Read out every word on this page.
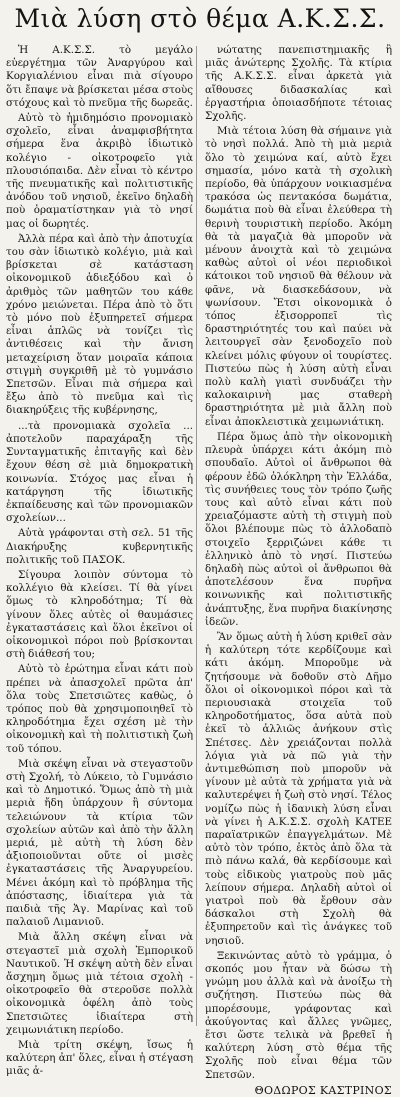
Μιὰ λύση στὸ θέμα Α.Κ.Σ.Σ.

Ἡ Α.Κ.Σ.Σ. τὸ μεγάλο εὐεργέτημα τῶν Ἀναργύρου καὶ Κοργιαλένιου εἶναι πιὰ σίγουρο ὅτι ἔπαψε νὰ βρίσκεται μέσα στοὺς στόχους καὶ τὸ πνεῦμα τῆς δωρεᾶς.

Αὐτὸ τὸ ἡμιδημόσιο προνομιακὸ σχολεῖο, εἶναι ἀναμφισβήτητα σήμερα ἕνα ἀκριβὸ ἰδιωτικὸ κολέγιο - οἰκοτροφεῖο γιὰ πλουσιόπαιδα. Δὲν εἶναι τὸ κέντρο τῆς πνευματικῆς καὶ πολιτιστικῆς ἀνόδου τοῦ νησιοῦ, ἐκεῖνο δηλαδὴ ποὺ ὁραματίστηκαν γιὰ τὸ νησί μας οἱ δωρητές.

Ἀλλὰ πέρα καὶ ἀπὸ τὴν ἀποτυχία του σὰν ἰδιωτικὸ κολέγιο, μιὰ καὶ βρίσκεται σὲ κατάσταση οἰκονομικοῦ ἀδιεξόδου καὶ ὁ ἀριθμὸς τῶν μαθητῶν του κάθε χρόνο μειώνεται. Πέρα ἀπὸ τὸ ὅτι τὸ μόνο ποὺ ἐξυπηρετεῖ σήμερα εἶναι ἁπλῶς νὰ τονίζει τὶς ἀντιθέσεις καὶ τὴν ἄνιση μεταχείριση ὅταν μοιραῖα κάποια στιγμὴ συγκριθῆ μὲ τὸ γυμνάσιο Σπετσῶν. Εἶναι πιὰ σήμερα καὶ ἔξω ἀπὸ τὸ πνεῦμα καὶ τὶς διακηρύξεις τῆς κυβέρνησης,

...τὰ προνομιακὰ σχολεῖα ... ἀποτελοῦν παραχάραξη τῆς Συνταγματικῆς ἐπιταγῆς καὶ δὲν ἔχουν θέση σὲ μιὰ δημοκρατικὴ κοινωνία. Στόχος μας εἶναι ἡ κατάργηση τῆς ἰδιωτικῆς ἐκπαίδευσης καὶ τῶν προνομιακῶν σχολείων...

Αὐτὰ γράφονται στὴ σελ. 51 τῆς Διακήρυξης κυβερνητικῆς πολιτικῆς τοῦ ΠΑΣΟΚ.

Σίγουρα λοιπὸν σύντομα τὸ κολλέγιο θὰ κλείσει. Τί θὰ γίνει ὅμως τὸ κληροδότημα; Τί θὰ γίνουν ὅλες αὐτὲς οἱ θαυμάσιες ἐγκαταστάσεις καὶ ὅλοι ἐκεῖνοι οἱ οἰκονομικοὶ πόροι ποὺ βρίσκονται στὴ διάθεσή του;

Αὐτὸ τὸ ἐρώτημα εἶναι κάτι ποὺ πρέπει νὰ ἀπασχολεῖ πρῶτα ἀπ' ὅλα τοὺς Σπετσιῶτες καθὼς, ὁ τρόπος ποὺ θὰ χρησιμοποιηθεῖ τὸ κληροδότημα ἔχει σχέση μὲ τὴν οἰκονομικὴ καὶ τὴ πολιτιστικὴ ζωὴ τοῦ τόπου.

Μιὰ σκέψη εἶναι νὰ στεγαστοῦν στὴ Σχολή, τὸ Λύκειο, τὸ Γυμνάσιο καὶ τὸ Δημοτικό. Ὅμως ἀπὸ τὴ μιὰ μεριὰ ἤδη ὑπάρχουν ἢ σύντομα τελειώνουν τὰ κτίρια τῶν σχολείων αὐτῶν καὶ ἀπὸ τὴν ἄλλη μεριά, μὲ αὐτὴ τὴ λύση δὲν ἀξιοποιοῦνται οὔτε οἱ μισὲς ἐγκαταστάσεις τῆς Ἀναργυρείου. Μένει ἀκόμη καὶ τὸ πρόβλημα τῆς ἀπόστασης, ἰδιαίτερα γιὰ τὰ παιδιὰ τῆς Ἁγ. Μαρίνας καὶ τοῦ παλαιοῦ Λιμανιοῦ.

Μιὰ ἄλλη σκέψη εἶναι νὰ στεγαστεῖ μιὰ σχολὴ Ἐμπορικοῦ Ναυτικοῦ. Ἡ σκέψη αὐτὴ δὲν εἶναι ἄσχημη ὅμως μιὰ τέτοια σχολὴ - οἰκοτροφεῖο θὰ στεροῦσε πολλὰ οἰκονομικὰ ὀφέλη ἀπὸ τοὺς Σπετσιῶτες ἰδιαίτερα στὴ χειμωνιάτικη περίοδο.

Μιὰ τρίτη σκέψη, ἴσως ἡ καλύτερη ἀπ' ὅλες, εἶναι ἡ στέγαση μιᾶς ἀ-

νώτατης πανεπιστημιακῆς ἢ μιᾶς ἀνώτερης Σχολῆς. Τὰ κτίρια τῆς Α.Κ.Σ.Σ. εἶναι ἀρκετὰ γιὰ αἴθουσες διδασκαλίας καὶ ἐργαστήρια ὁποιασδήποτε τέτοιας Σχολῆς.

Μιὰ τέτοια λύση θὰ σήμαινε γιὰ τὸ νησὶ πολλά. Ἀπὸ τὴ μιὰ μεριὰ ὅλο τὸ χειμώνα καί, αὐτὸ ἔχει σημασία, μόνο κατὰ τὴ σχολικὴ περίοδο, θὰ ὑπάρχουν νοικιασμένα τρακόσα ὡς πεντακόσα δωμάτια, δωμάτια ποὺ θὰ εἶναι ἐλεύθερα τὴ θερινὴ τουριστικὴ περίοδο. Ἀκόμη θὰ τὰ μαγαζιὰ θὰ μποροῦν νὰ μένουν ἀνοιχτὰ καὶ τὸ χειμώνα καθὼς αὐτοὶ οἱ νέοι περιοδικοὶ κάτοικοι τοῦ νησιοῦ θὰ θέλουν νὰ φᾶνε, νὰ διασκεδάσουν, νὰ ψωνίσουν. Ἔτσι οἰκονομικὰ ὁ τόπος ἐξισορροπεῖ τὶς δραστηριότητές του καὶ παύει νὰ λειτουργεῖ σὰν ξενοδοχεῖο ποὺ κλείνει μόλις φύγουν οἱ τουρίστες. Πιστεύω πὼς ἡ λύση αὐτὴ εἶναι πολὺ καλὴ γιατὶ συνδυάζει τὴν καλοκαιρινὴ μας σταθερὴ δραστηριότητα μὲ μιὰ ἄλλη ποὺ εἶναι ἀποκλειστικὰ χειμωνιάτικη.

Πέρα ὅμως ἀπὸ τὴν οἰκονομικὴ πλευρὰ ὑπάρχει κάτι ἀκόμη πιὸ σπουδαῖο. Αὐτοὶ οἱ ἄνθρωποι θὰ φέρουν ἐδῶ ὁλόκληρη τὴν Ἑλλάδα, τὶς συνήθειες τους τὸν τρόπο ζωῆς τους καὶ αὐτὸ εἶναι κάτι ποὺ χρειαζόμαστε αὐτὴ τὴ στιγμὴ ποὺ ὅλοι βλέπουμε πὼς τὸ ἀλλοδαπὸ στοιχεῖο ξερριζώνει κάθε τι ἑλληνικὸ ἀπὸ τὸ νησί. Πιστεύω δηλαδὴ πὼς αὐτοὶ οἱ ἄνθρωποι θὰ ἀποτελέσουν ἕνα πυρῆνα κοινωνικῆς καὶ πολιτιστικῆς ἀνάπτυξης, ἕνα πυρῆνα διακίνησης ἰδεῶν.

Ἂν ὅμως αὐτὴ ἡ λύση κριθεῖ σὰν ἡ καλύτερη τότε κερδίζουμε καὶ κάτι ἀκόμη. Μποροῦμε νὰ ζητήσουμε νὰ δοθοῦν στὸ Δῆμο ὅλοι οἱ οἰκονομικοὶ πόροι καὶ τὰ περιουσιακὰ στοιχεῖα τοῦ κληροδοτήματος, ὅσα αὐτὰ ποὺ ἐκεῖ τὸ ἀλλιῶς ἀνήκουν στὶς Σπέτσες. Δὲν χρειάζονται πολλὰ λόγια γιὰ νὰ πῶ γιὰ τὴν ἀντιμεθώπιση ποὺ μποροῦν νὰ γίνουν μὲ αὐτὰ τὰ χρήματα γιὰ νὰ καλυτερέψει ἡ ζωὴ στὸ νησί. Τέλος νομίζω πὼς ἡ ἰδανικὴ λύση εἶναι νὰ γίνει ἡ Α.Κ.Σ.Σ. σχολὴ ΚΑΤΕΕ παραϊατρικῶν ἐπαγγελμάτων. Μὲ αὐτὸ τὸν τρόπο, ἐκτὸς ἀπὸ ὅλα τὰ πιὸ πάνω καλά, θὰ κερδίσουμε καὶ τοὺς εἰδικοὺς γιατροὺς ποὺ μᾶς λείπουν σήμερα. Δηλαδὴ αὐτοὶ οἱ γιατροὶ ποὺ θὰ ἔρθουν σὰν δάσκαλοι στὴ Σχολὴ θὰ ἐξυπηρετοῦν καὶ τὶς ἀνάγκες τοῦ νησιοῦ.

Ξεκινώντας αὐτὸ τὸ γράμμα, ὁ σκοπός μου ἦταν νὰ δώσω τὴ γνώμη μου ἀλλὰ καὶ νὰ ἀνοίξω τὴ συζήτηση. Πιστεύω πὼς θὰ μπορέσουμε, γράφοντας καὶ ἀκούγοντας καὶ ἄλλες γνῶμες, ἔτσι ὥστε τελικὰ νὰ βρεθεῖ ἡ καλύτερη λύση στὸ θέμα τῆς Σχολῆς ποὺ εἶναι θέμα τῶν Σπετσῶν.

ΘΟΔΩΡΟΣ ΚΑΣΤΡΙΝΟΣ
